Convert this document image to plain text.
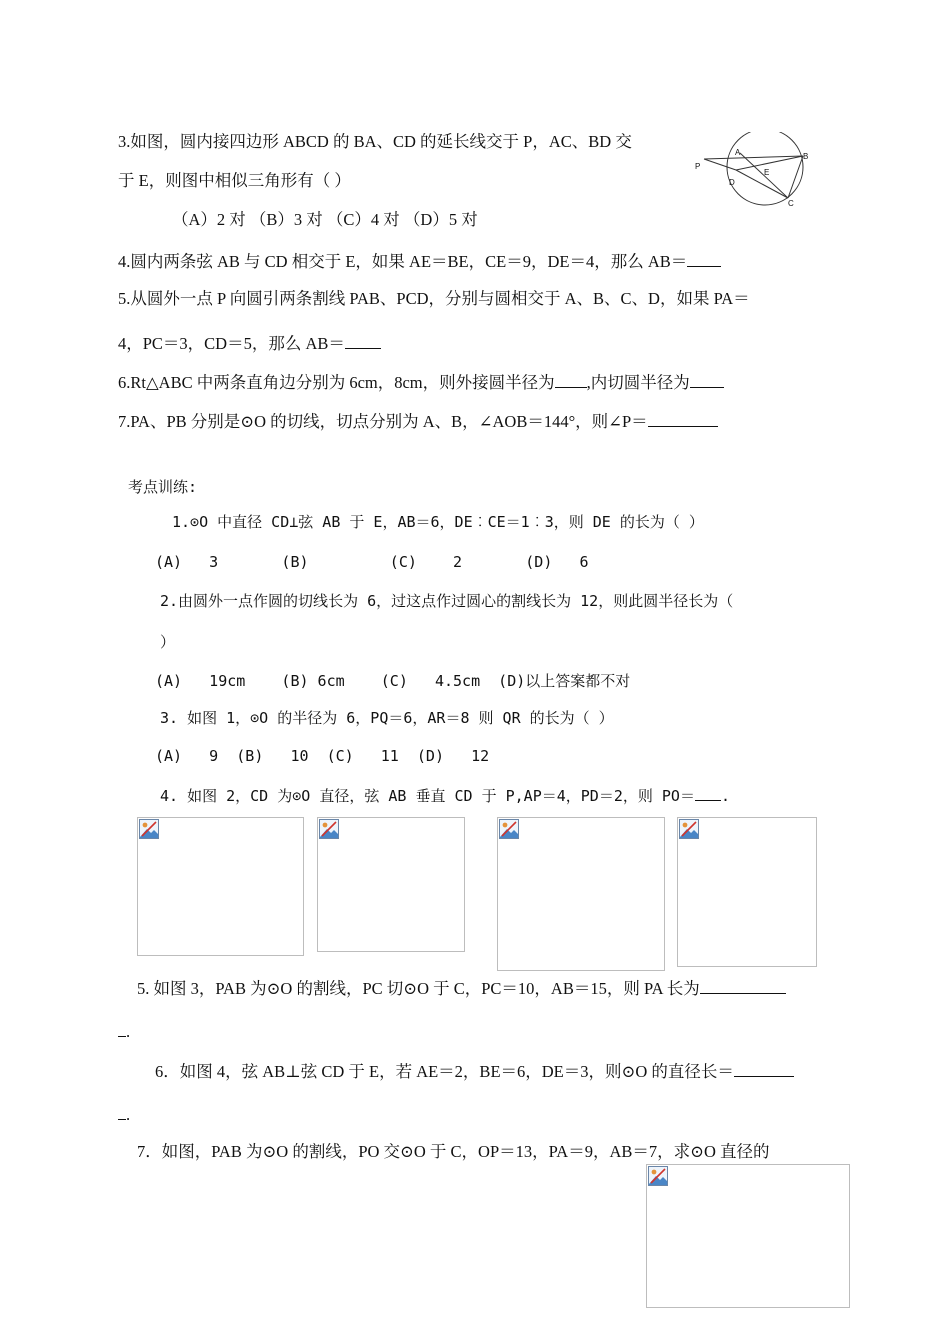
3.如图，圆内接四边形 ABCD 的 BA、CD 的延长线交于 P，AC、BD 交
于 E，则图中相似三角形有（ ）
（A）2 对 （B）3 对 （C）4 对 （D）5 对
P
A	B
E
D
C
4.圆内两条弦 AB 与 CD 相交于 E，如果 AE＝BE，CE＝9，DE＝4，那么 AB＝
5.从圆外一点 P 向圆引两条割线 PAB、PCD，分别与圆相交于 A、B、C、D，如果 PA＝
4，PC＝3，CD＝5，那么 AB＝
6.Rt△ABC 中两条直角边分别为 6cm，8cm，则外接圆半径为 ,内切圆半径为
7.PA、PB 分别是⊙O 的切线，切点分别为 A、B，∠AOB＝144°，则∠P＝
考点训练:
1.⊙O 中直径 CD⊥弦 AB 于 E，AB＝6，DE︰CE＝1︰3，则 DE 的长为（ ）
(A)   3       (B)         (C)    2       (D)   6
2.由圆外一点作圆的切线长为 6，过这点作过圆心的割线长为 12，则此圆半径长为（
）
(A)   19cm    (B) 6cm    (C)   4.5cm  (D)以上答案都不对
3. 如图 1，⊙O 的半径为 6，PQ＝6，AR＝8 则 QR 的长为（ ）
(A)   9  (B)   10  (C)   11  (D)   12
4. 如图 2，CD 为⊙O 直径，弦 AB 垂直 CD 于 P,AP＝4，PD＝2，则 PO＝ .
5. 如图 3，PAB 为⊙O 的割线，PC 切⊙O 于 C，PC＝10，AB＝15，则 PA 长为
.
6．如图 4，弦 AB⊥弦 CD 于 E，若 AE＝2，BE＝6，DE＝3，则⊙O 的直径长＝
.
7．如图，PAB 为⊙O 的割线，PO 交⊙O 于 C，OP＝13，PA＝9，AB＝7，求⊙O 直径的
